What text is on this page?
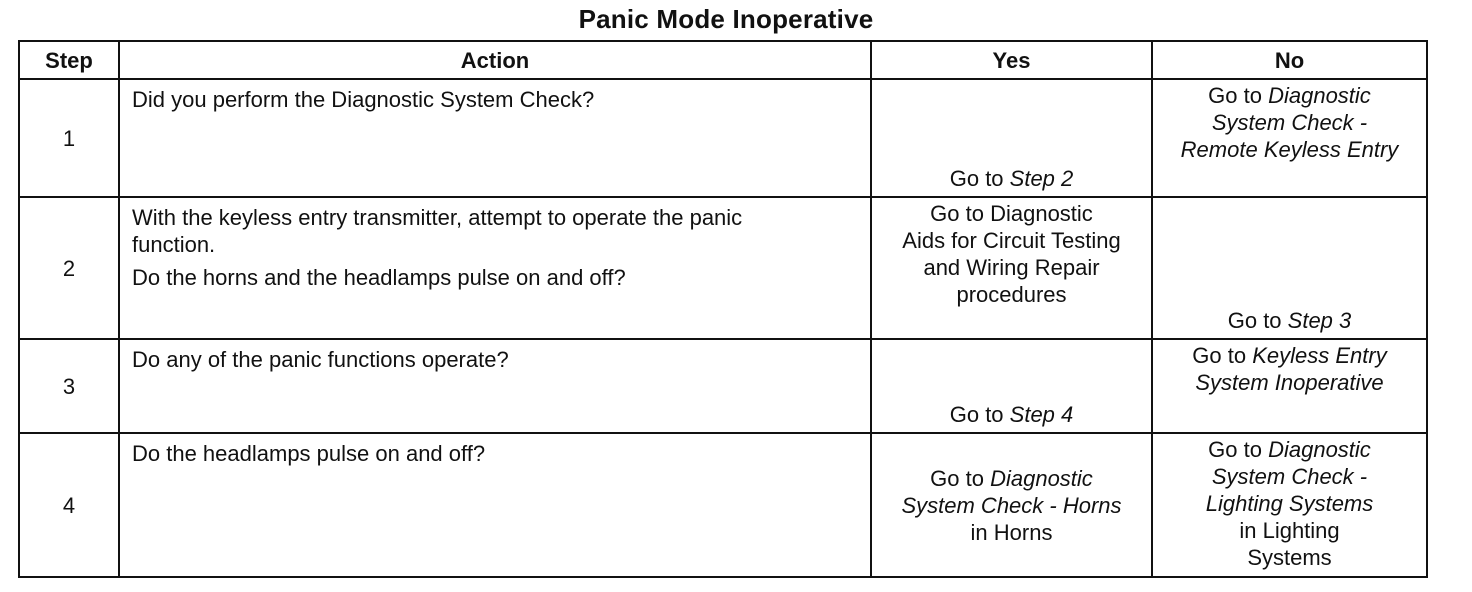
Panic Mode Inoperative
Step	Action	Yes	No
1	Did you perform the Diagnostic System Check?	Go to Step 2	Go to Diagnostic
System Check -
Remote Keyless Entry

2	With the keyless entry transmitter, attempt to operate the panic function.
Do the horns and the headlamps pulse on and off?	Go to Diagnostic
Aids for Circuit Testing
and Wiring Repair
procedures	Go to Step 3
3	Do any of the panic functions operate?	Go to Step 4	Go to Keyless Entry
System Inoperative

4	Do the headlamps pulse on and off?	Go to Diagnostic
System Check - Horns
in Horns	Go to Diagnostic
System Check -
Lighting Systems
in Lighting
Systems
